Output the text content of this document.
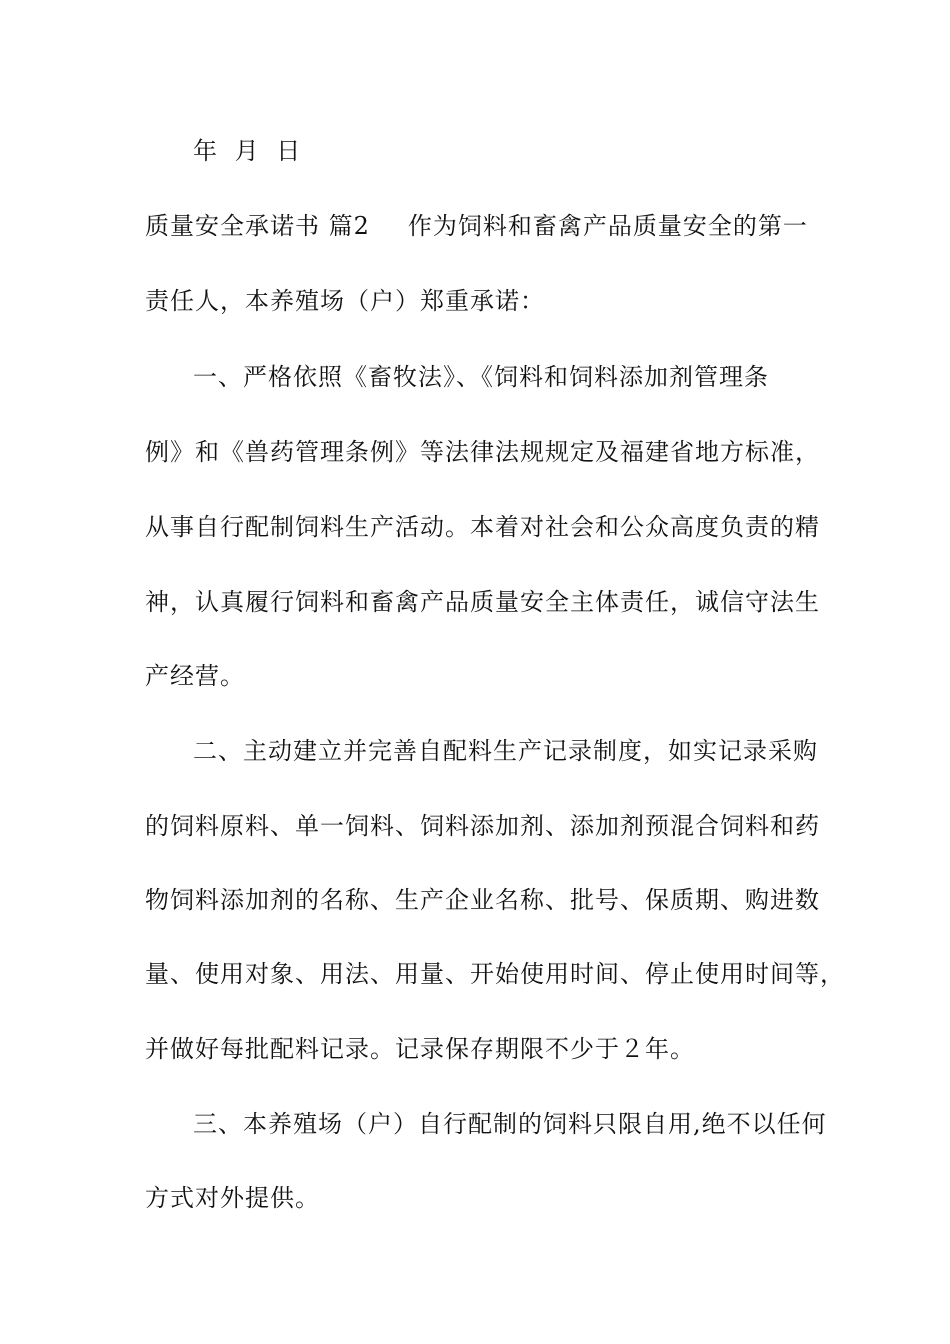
年 月 日
质量安全承诺书 篇2 作为饲料和畜禽产品质量安全的第一
责任人，本养殖场（户）郑重承诺：
一、严格依照《畜牧法》、《饲料和饲料添加剂管理条
例》和《兽药管理条例》等法律法规规定及福建省地方标准，
从事自行配制饲料生产活动。本着对社会和公众高度负责的精
神，认真履行饲料和畜禽产品质量安全主体责任，诚信守法生
产经营。
二、主动建立并完善自配料生产记录制度，如实记录采购
的饲料原料、单一饲料、饲料添加剂、添加剂预混合饲料和药
物饲料添加剂的名称、生产企业名称、批号、保质期、购进数
量、使用对象、用法、用量、开始使用时间、停止使用时间等，
并做好每批配料记录。记录保存期限不少于２年。
三、本养殖场（户）自行配制的饲料只限自用,绝不以任何
方式对外提供。
